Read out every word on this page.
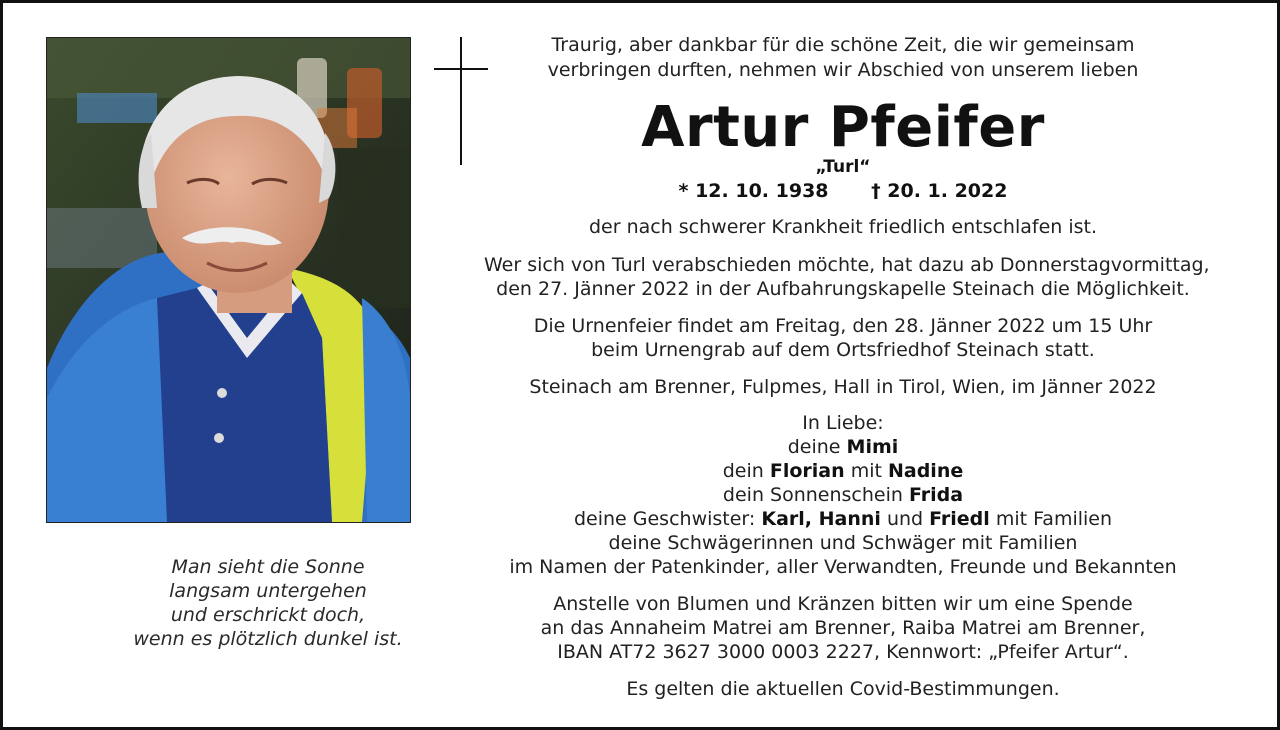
Man sieht die Sonne
langsam untergehen
und erschrickt doch,
wenn es plötzlich dunkel ist.
Traurig, aber dankbar für die schöne Zeit, die wir gemeinsam
verbringen durften, nehmen wir Abschied von unserem lieben
Artur Pfeifer
„Turl“
* 12. 10. 1938 † 20. 1. 2022
der nach schwerer Krankheit friedlich entschlafen ist.
Wer sich von Turl verabschieden möchte, hat dazu ab Donnerstagvormittag,
den 27. Jänner 2022 in der Aufbahrungskapelle Steinach die Möglichkeit.
Die Urnenfeier findet am Freitag, den 28. Jänner 2022 um 15 Uhr
beim Urnengrab auf dem Ortsfriedhof Steinach statt.
Steinach am Brenner, Fulpmes, Hall in Tirol, Wien, im Jänner 2022
In Liebe:
deine Mimi
dein Florian mit Nadine
dein Sonnenschein Frida
deine Geschwister: Karl, Hanni und Friedl mit Familien
deine Schwägerinnen und Schwäger mit Familien
im Namen der Patenkinder, aller Verwandten, Freunde und Bekannten
Anstelle von Blumen und Kränzen bitten wir um eine Spende
an das Annaheim Matrei am Brenner, Raiba Matrei am Brenner,
IBAN AT72 3627 3000 0003 2227, Kennwort: „Pfeifer Artur“.
Es gelten die aktuellen Covid-Bestimmungen.
